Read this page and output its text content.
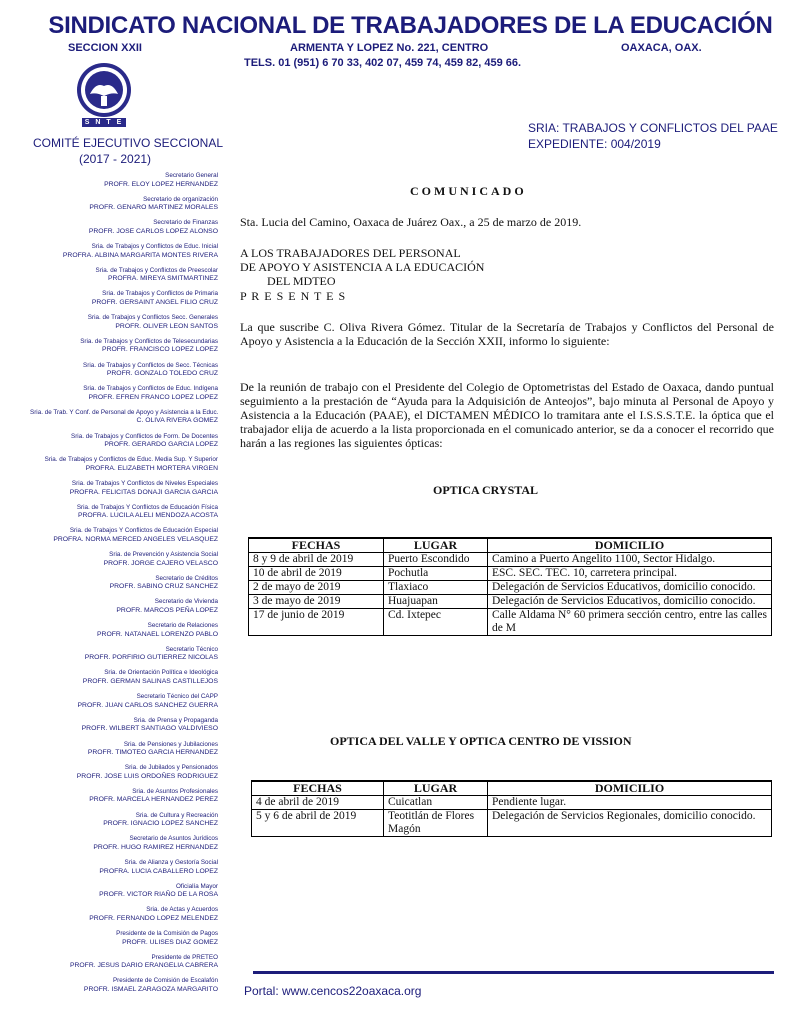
SINDICATO NACIONAL DE TRABAJADORES DE LA EDUCACIÓN
SECCION XXII	ARMENTA Y LOPEZ No. 221, CENTRO	OAXACA, OAX.
TELS. 01 (951) 6 70 33, 402 07, 459 74, 459 82, 459 66.
S N T E
COMITÉ EJECUTIVO SECCIONAL
(2017 - 2021)
SRIA: TRABAJOS Y CONFLICTOS DEL PAAE
EXPEDIENTE: 004/2019
Secretario General
PROFR. ELOY LOPEZ HERNANDEZ
Secretario de organización
PROFR. GENARO MARTINEZ MORALES
Secretario de Finanzas
PROFR. JOSE CARLOS LOPEZ ALONSO
Sria. de Trabajos y Conflictos de Educ. Inicial
PROFRA. ALBINA MARGARITA MONTES RIVERA
Sria. de Trabajos y Conflictos de Preescolar
PROFRA. MIREYA SMITMARTINEZ
Sria. de Trabajos y Conflictos de Primaria
PROFR. GERSAINT ANGEL FILIO CRUZ
Sria. de Trabajos y Conflictos Secc. Generales
PROFR. OLIVER LEON SANTOS
Sria. de Trabajos y Conflictos de Telesecundarias
PROFR. FRANCISCO LOPEZ LOPEZ
Sria. de Trabajos y Conflictos de Secc. Técnicas
PROFR. GONZALO TOLEDO CRUZ
Sria. de Trabajos y Conflictos de Educ. Indígena
PROFR. EFREN FRANCO LOPEZ LOPEZ
Sria. de Trab. Y Conf. de Personal de Apoyo y Asistencia a la Educ.
C. OLIVA RIVERA GOMEZ
Sria. de Trabajos y Conflictos de Form. De Docentes
PROFR. GERARDO GARCIA LOPEZ
Sria. de Trabajos y Conflictos de Educ. Media Sup. Y Superior
PROFRA. ELIZABETH MORTERA VIRGEN
Sria. de Trabajos Y Conflictos de Niveles Especiales
PROFRA. FELICITAS DONAJI GARCIA GARCIA
Sria. de Trabajos Y Conflictos de Educación Física
PROFRA. LUCILA ALELI MENDOZA ACOSTA
Sria. de Trabajos Y Conflictos de Educación Especial
PROFRA. NORMA MERCED ANGELES VELASQUEZ
Sria. de Prevención y Asistencia Social
PROFR. JORGE CAJERO VELASCO
Secretario de Créditos
PROFR. SABINO CRUZ SANCHEZ
Secretario de Vivienda
PROFR. MARCOS PEÑA LOPEZ
Secretario de Relaciones
PROFR. NATANAEL LORENZO PABLO
Secretario Técnico
PROFR. PORFIRIO GUTIERREZ NICOLAS
Sria. de Orientación Política e Ideológica
PROFR. GERMAN SALINAS CASTILLEJOS
Secretario Técnico del CAPP
PROFR. JUAN CARLOS SANCHEZ GUERRA
Sria. de Prensa y Propaganda
PROFR. WILBERT SANTIAGO VALDIVIESO
Sria. de Pensiones y Jubilaciones
PROFR. TIMOTEO GARCIA HERNANDEZ
Sria. de Jubilados y Pensionados
PROFR. JOSE LUIS ORDOÑES RODRIGUEZ
Sria. de Asuntos Profesionales
PROFR. MARCELA HERNANDEZ PEREZ
Sria. de Cultura y Recreación
PROFR. IGNACIO LOPEZ SANCHEZ
Secretario de Asuntos Jurídicos
PROFR. HUGO RAMIREZ HERNANDEZ
Sria. de Alianza y Gestoría Social
PROFRA. LUCIA CABALLERO LOPEZ
Oficialía Mayor
PROFR. VICTOR RIAÑO DE LA ROSA
Sria. de Actas y Acuerdos
PROFR. FERNANDO LOPEZ MELENDEZ
Presidente de la Comisión de Pagos
PROFR. ULISES DIAZ GOMEZ
Presidente de PRETEO
PROFR. JESUS DARIO ERANGELIA CABRERA
Presidente de Comisión de Escalafón
PROFR. ISMAEL ZARAGOZA MARGARITO
COMUNICADO
Sta. Lucia del Camino, Oaxaca de Juárez Oax., a 25 de marzo de 2019.
A LOS TRABAJADORES DEL PERSONAL
DE APOYO Y ASISTENCIA A LA EDUCACIÓN
DEL MDTEO
P R E S E N T E S
La que suscribe C. Oliva Rivera Gómez. Titular de la Secretaría de Trabajos y Conflictos del Personal de Apoyo y Asistencia a la Educación de la Sección XXII, informo lo siguiente:
De la reunión de trabajo con el Presidente del Colegio de Optometristas del Estado de Oaxaca, dando puntual seguimiento a la prestación de “Ayuda para la Adquisición de Anteojos”, bajo minuta al Personal de Apoyo y Asistencia a la Educación (PAAE), el DICTAMEN MÉDICO lo tramitara ante el I.S.S.S.T.E. la óptica que el trabajador elija de acuerdo a la lista proporcionada en el comunicado anterior, se da a conocer el recorrido que harán a las regiones las siguientes ópticas:
OPTICA CRYSTAL
FECHAS	LUGAR	DOMICILIO
8 y 9 de abril de 2019	Puerto Escondido	Camino a Puerto Angelito 1100, Sector Hidalgo.
10 de abril de 2019	Pochutla	ESC. SEC. TEC. 10, carretera principal.
2 de mayo de 2019	Tlaxiaco	Delegación de Servicios Educativos, domicilio conocido.
3 de mayo de 2019	Huajuapan	Delegación de Servicios Educativos, domicilio conocido.
17 de junio de 2019	Cd. Ixtepec	Calle Aldama N° 60 primera sección centro, entre las calles de M
OPTICA DEL VALLE Y OPTICA CENTRO DE VISSION
FECHAS	LUGAR	DOMICILIO
4 de abril de 2019	Cuicatlan	Pendiente lugar.
5 y 6 de abril de 2019	Teotitlán de Flores Magón	Delegación de Servicios Regionales, domicilio conocido.
Portal: www.cencos22oaxaca.org
